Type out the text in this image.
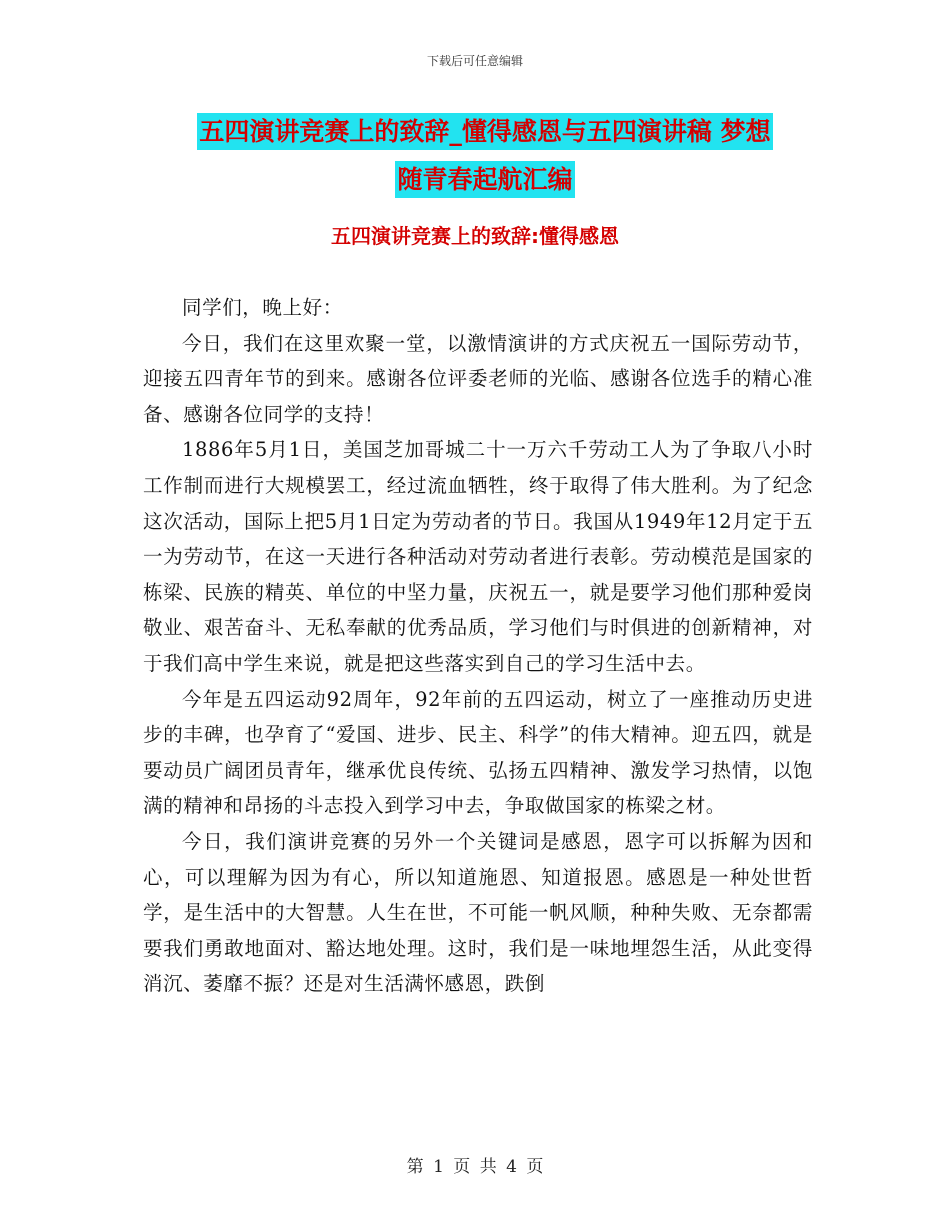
下载后可任意编辑
五四演讲竞赛上的致辞_懂得感恩与五四演讲稿 梦想
随青春起航汇编
五四演讲竞赛上的致辞:懂得感恩

同学们，晚上好：

今日，我们在这里欢聚一堂，以激情演讲的方式庆祝五一国际劳动节，迎接五四青年节的到来。感谢各位评委老师的光临、感谢各位选手的精心准备、感谢各位同学的支持！

1886年5月1日，美国芝加哥城二十一万六千劳动工人为了争取八小时工作制而进行大规模罢工，经过流血牺牲，终于取得了伟大胜利。为了纪念这次活动，国际上把5月1日定为劳动者的节日。我国从1949年12月定于五一为劳动节，在这一天进行各种活动对劳动者进行表彰。劳动模范是国家的栋梁、民族的精英、单位的中坚力量，庆祝五一，就是要学习他们那种爱岗敬业、艰苦奋斗、无私奉献的优秀品质，学习他们与时俱进的创新精神，对于我们高中学生来说，就是把这些落实到自己的学习生活中去。

今年是五四运动92周年，92年前的五四运动，树立了一座推动历史进步的丰碑，也孕育了“爱国、进步、民主、科学”的伟大精神。迎五四，就是要动员广阔团员青年，继承优良传统、弘扬五四精神、激发学习热情，以饱满的精神和昂扬的斗志投入到学习中去，争取做国家的栋梁之材。

今日，我们演讲竞赛的另外一个关键词是感恩，恩字可以拆解为因和心，可以理解为因为有心，所以知道施恩、知道报恩。感恩是一种处世哲学，是生活中的大智慧。人生在世，不可能一帆风顺，种种失败、无奈都需要我们勇敢地面对、豁达地处理。这时，我们是一味地埋怨生活，从此变得消沉、萎靡不振？还是对生活满怀感恩，跌倒

第 1 页 共 4 页
